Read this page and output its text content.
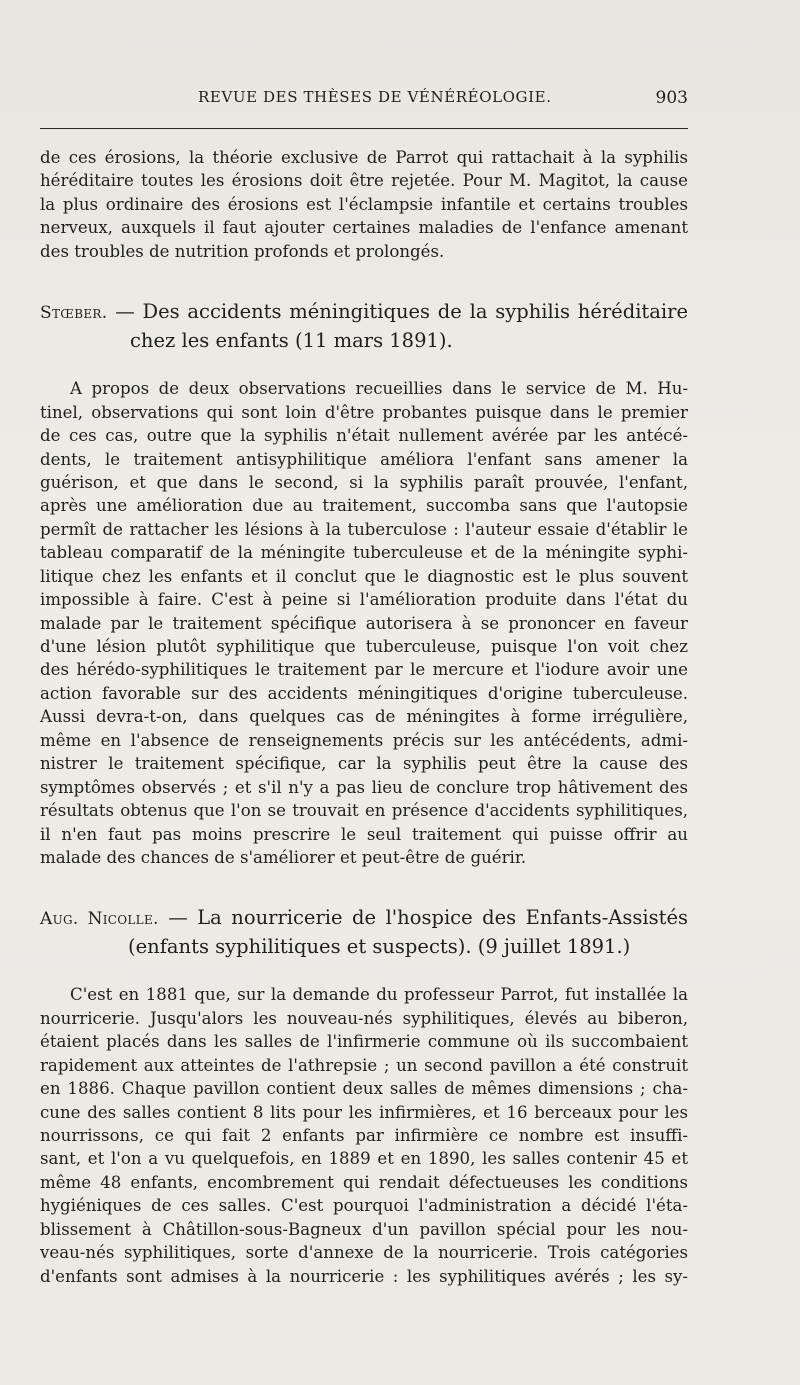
REVUE DES THÈSES DE VÉNÉRÉOLOGIE.	903
de ces érosions, la théorie exclusive de Parrot qui rattachait à la syphilis
héréditaire toutes les érosions doit être rejetée. Pour M. Magitot, la cause
la plus ordinaire des érosions est l'éclampsie infantile et certains troubles
nerveux, auxquels il faut ajouter certaines maladies de l'enfance amenant
des troubles de nutrition profonds et prolongés.
Stœber. — Des accidents méningitiques de la syphilis héréditaire
chez les enfants (11 mars 1891).
A propos de deux observations recueillies dans le service de M. Hu-
tinel, observations qui sont loin d'être probantes puisque dans le premier
de ces cas, outre que la syphilis n'était nullement avérée par les antécé-
dents, le traitement antisyphilitique améliora l'enfant sans amener la
guérison, et que dans le second, si la syphilis paraît prouvée, l'enfant,
après une amélioration due au traitement, succomba sans que l'autopsie
permît de rattacher les lésions à la tuberculose : l'auteur essaie d'établir le
tableau comparatif de la méningite tuberculeuse et de la méningite syphi-
litique chez les enfants et il conclut que le diagnostic est le plus souvent
impossible à faire. C'est à peine si l'amélioration produite dans l'état du
malade par le traitement spécifique autorisera à se prononcer en faveur
d'une lésion plutôt syphilitique que tuberculeuse, puisque l'on voit chez
des hérédo-syphilitiques le traitement par le mercure et l'iodure avoir une
action favorable sur des accidents méningitiques d'origine tuberculeuse.
Aussi devra-t-on, dans quelques cas de méningites à forme irrégulière,
même en l'absence de renseignements précis sur les antécédents, admi-
nistrer le traitement spécifique, car la syphilis peut être la cause des
symptômes observés ; et s'il n'y a pas lieu de conclure trop hâtivement des
résultats obtenus que l'on se trouvait en présence d'accidents syphilitiques,
il n'en faut pas moins prescrire le seul traitement qui puisse offrir au
malade des chances de s'améliorer et peut-être de guérir.
Aug. Nicolle. — La nourricerie de l'hospice des Enfants-Assistés
(enfants syphilitiques et suspects). (9 juillet 1891.)
C'est en 1881 que, sur la demande du professeur Parrot, fut installée la
nourricerie. Jusqu'alors les nouveau-nés syphilitiques, élevés au biberon,
étaient placés dans les salles de l'infirmerie commune où ils succombaient
rapidement aux atteintes de l'athrepsie ; un second pavillon a été construit
en 1886. Chaque pavillon contient deux salles de mêmes dimensions ; cha-
cune des salles contient 8 lits pour les infirmières, et 16 berceaux pour les
nourrissons, ce qui fait 2 enfants par infirmière ce nombre est insuffi-
sant, et l'on a vu quelquefois, en 1889 et en 1890, les salles contenir 45 et
même 48 enfants, encombrement qui rendait défectueuses les conditions
hygiéniques de ces salles. C'est pourquoi l'administration a décidé l'éta-
blissement à Châtillon-sous-Bagneux d'un pavillon spécial pour les nou-
veau-nés syphilitiques, sorte d'annexe de la nourricerie. Trois catégories
d'enfants sont admises à la nourricerie : les syphilitiques avérés ; les sy-
